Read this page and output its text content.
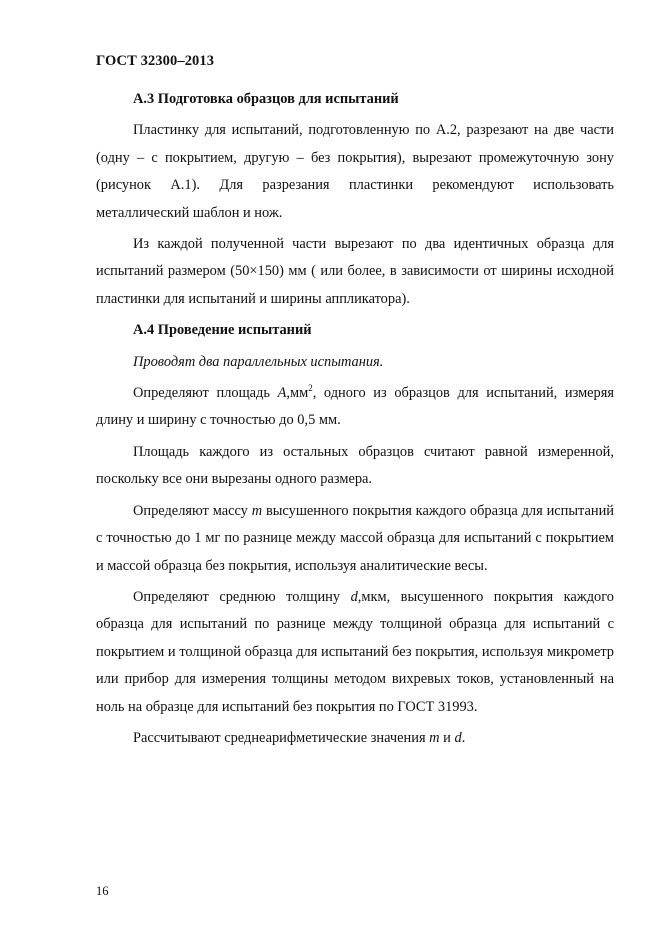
ГОСТ 32300–2013

А.3 Подготовка образцов для испытаний

Пластинку для испытаний, подготовленную по А.2, разрезают на две части (одну – с покрытием, другую – без покрытия), вырезают промежуточную зону (рисунок А.1). Для разрезания пластинки рекомендуют использовать металлический шаблон и нож.

Из каждой полученной части вырезают по два идентичных образца для испытаний размером (50×150) мм ( или более, в зависимости от ширины исходной пластинки для испытаний и ширины аппликатора).

А.4 Проведение испытаний

Проводят два параллельных испытания.

Определяют площадь $А,мм^2$, одного из образцов для испытаний, измеряя длину и ширину с точностью до 0,5 мм.

Площадь каждого из остальных образцов считают равной измеренной, поскольку все они вырезаны одного размера.

Определяют массу m высушенного покрытия каждого образца для испытаний с точностью до 1 мг по разнице между массой образца для испытаний с покрытием и массой образца без покрытия, используя аналитические весы.

Определяют среднюю толщину d,мкм, высушенного покрытия каждого образца для испытаний по разнице между толщиной образца для испытаний с покрытием и толщиной образца для испытаний без покрытия, используя микрометр или прибор для измерения толщины методом вихревых токов, установленный на ноль на образце для испытаний без покрытия по ГОСТ 31993.

Рассчитывают среднеарифметические значения m и d.

16
